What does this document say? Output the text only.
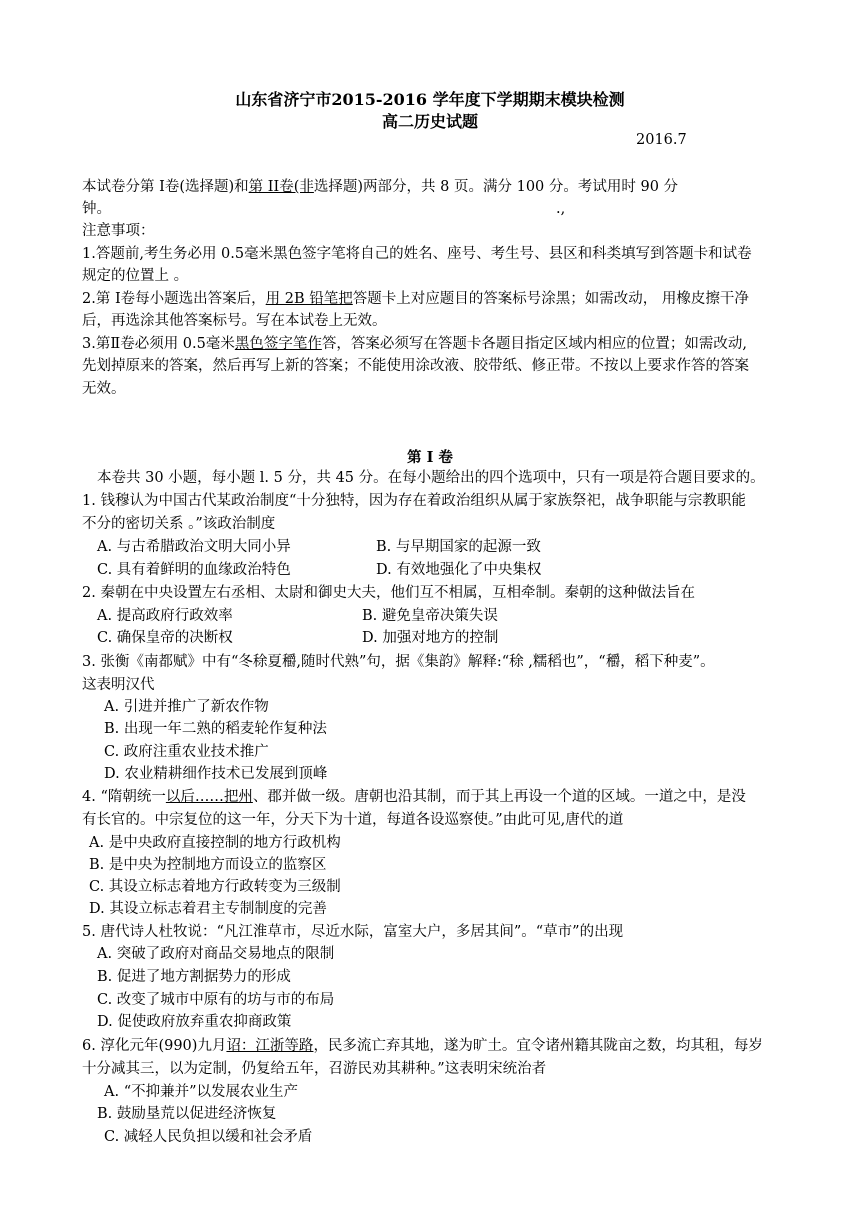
山东省济宁市2015-2016 学年度下学期期末模块检测
高二历史试题
2016.7
本试卷分第 I卷(选择题)和第 II卷(非选择题)两部分，共 8 页。满分 100 分。考试用时 90 分
钟。	.,
注意事项：
1.答题前,考生务必用 0.5毫米黑色签字笔将自己的姓名、座号、考生号、县区和科类填写到答题卡和试卷
规定的位置上 。
2.第 I卷每小题选出答案后，用 2B 铅笔把答题卡上对应题目的答案标号涂黑；如需改动， 用橡皮擦干净
后，再选涂其他答案标号。写在本试卷上无效。
3.第Ⅱ卷必须用 0.5毫米黑色签字笔作答，答案必须写在答题卡各题目指定区域内相应的位置；如需改动,
先划掉原来的答案，然后再写上新的答案；不能使用涂改液、胶带纸、修正带。不按以上要求作答的答案
无效。
第 I 卷
本卷共 30 小题，每小题 l. 5 分，共 45 分。在每小题给出的四个选项中，只有一项是符合题目要求的。
1. 钱穆认为中国古代某政治制度“十分独特，因为存在着政治组织从属于家族祭祀，战争职能与宗教职能
不分的密切关系 。”该政治制度
A. 与古希腊政治文明大同小异	B. 与早期国家的起源一致
C. 具有着鲜明的血缘政治特色	D. 有效地强化了中央集权
2. 秦朝在中央设置左右丞相、太尉和御史大夫，他们互不相属，互相牵制。秦朝的这种做法旨在
A. 提高政府行政效率	B. 避免皇帝决策失误
C. 确保皇帝的决断权	D. 加强对地方的控制
3. 张衡《南都赋》中有“冬稌夏穱,随时代熟”句，据《集韵》解释:“稌 ,糯稻也”，“穱，稻下种麦”。
这表明汉代
A. 引进并推广了新农作物
B. 出现一年二熟的稻麦轮作复种法
C. 政府注重农业技术推广
D. 农业精耕细作技术已发展到顶峰
4. “隋朝统一以后……把州、郡并做一级。唐朝也沿其制，而于其上再设一个道的区域。一道之中，是没
有长官的。中宗复位的这一年，分天下为十道，每道各设巡察使。”由此可见,唐代的道
A. 是中央政府直接控制的地方行政机构
B. 是中央为控制地方而设立的监察区
C. 其设立标志着地方行政转变为三级制
D. 其设立标志着君主专制制度的完善
5. 唐代诗人杜牧说：“凡江淮草市，尽近水际，富室大户，多居其间”。“草市”的出现
A. 突破了政府对商品交易地点的限制
B. 促进了地方割据势力的形成
C. 改变了城市中原有的坊与市的布局
D. 促使政府放弃重农抑商政策
6. 淳化元年(990)九月诏：江浙等路，民多流亡弃其地，遂为旷土。宜令诸州籍其陇亩之数，均其租，每岁
十分减其三，以为定制，仍复给五年，召游民劝其耕种。”这表明宋统治者
A. “不抑兼并”以发展农业生产
B. 鼓励垦荒以促进经济恢复
C. 减轻人民负担以缓和社会矛盾
